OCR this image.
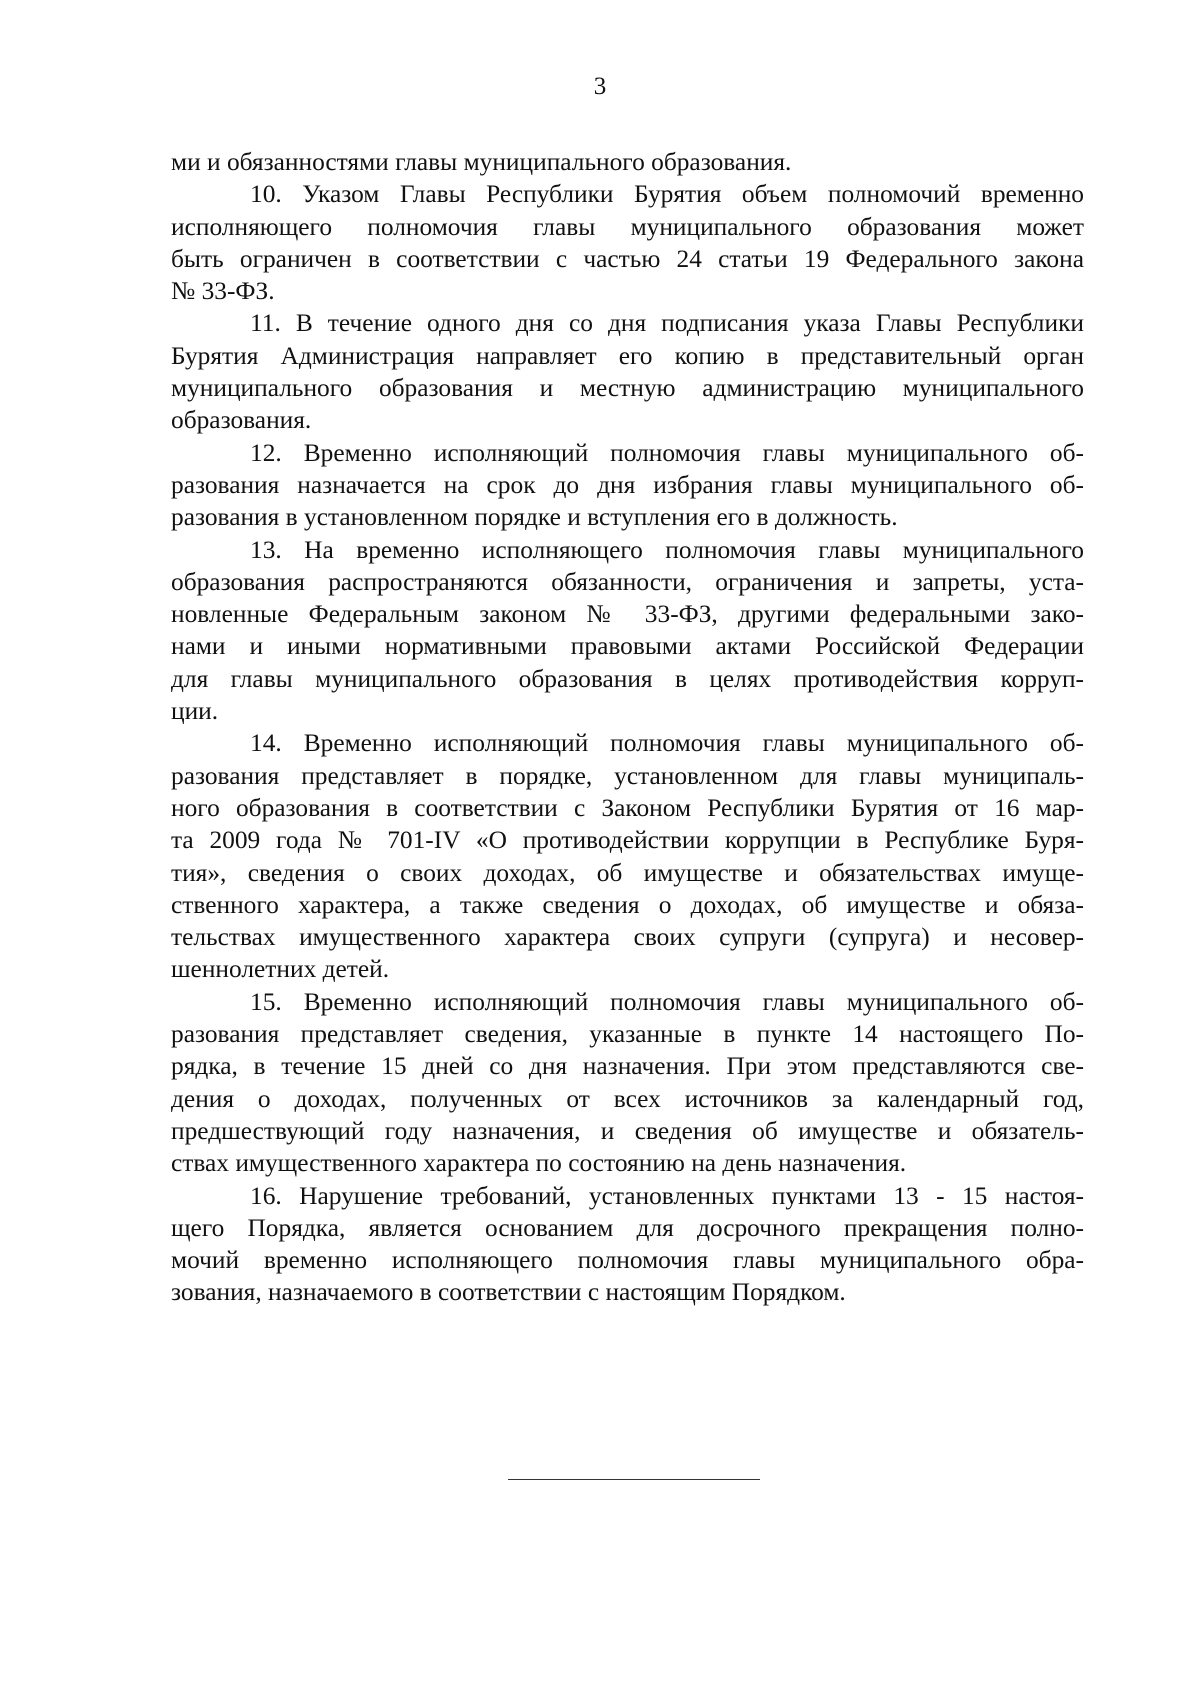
3
ми и обязанностями главы муниципального образования.
10. Указом Главы Республики Бурятия объем полномочий временно
исполняющего полномочия главы муниципального образования может
быть ограничен в соответствии с частью 24 статьи 19 Федерального закона
№ 33-ФЗ.
11. В течение одного дня со дня подписания указа Главы Республики
Бурятия Администрация направляет его копию в представительный орган
муниципального образования и местную администрацию муниципального
образования.
12. Временно исполняющий полномочия главы муниципального об-
разования назначается на срок до дня избрания главы муниципального об-
разования в установленном порядке и вступления его в должность.
13. На временно исполняющего полномочия главы муниципального
образования распространяются обязанности, ограничения и запреты, уста-
новленные Федеральным законом № 33-ФЗ, другими федеральными зако-
нами и иными нормативными правовыми актами Российской Федерации
для главы муниципального образования в целях противодействия корруп-
ции.
14. Временно исполняющий полномочия главы муниципального об-
разования представляет в порядке, установленном для главы муниципаль-
ного образования в соответствии с Законом Республики Бурятия от 16 мар-
та 2009 года № 701-IV «О противодействии коррупции в Республике Буря-
тия», сведения о своих доходах, об имуществе и обязательствах имуще-
ственного характера, а также сведения о доходах, об имуществе и обяза-
тельствах имущественного характера своих супруги (супруга) и несовер-
шеннолетних детей.
15. Временно исполняющий полномочия главы муниципального об-
разования представляет сведения, указанные в пункте 14 настоящего По-
рядка, в течение 15 дней со дня назначения. При этом представляются све-
дения о доходах, полученных от всех источников за календарный год,
предшествующий году назначения, и сведения об имуществе и обязатель-
ствах имущественного характера по состоянию на день назначения.
16. Нарушение требований, установленных пунктами 13 - 15 настоя-
щего Порядка, является основанием для досрочного прекращения полно-
мочий временно исполняющего полномочия главы муниципального обра-
зования, назначаемого в соответствии с настоящим Порядком.
